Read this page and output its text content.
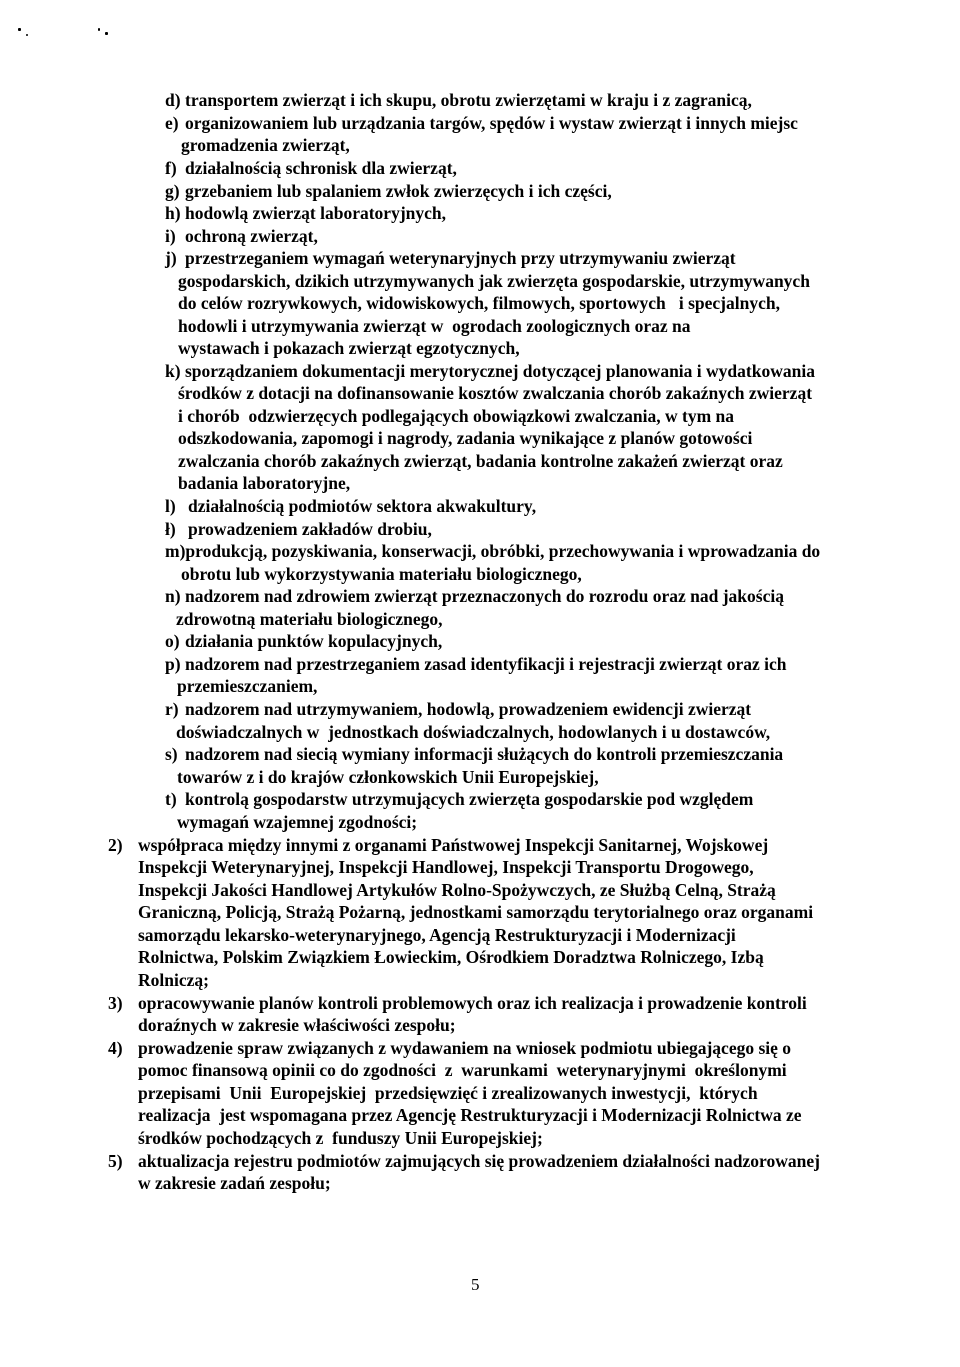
d) transportem zwierząt i ich skupu, obrotu zwierzętami w kraju i z zagranicą,
e) organizowaniem lub urządzania targów, spędów i wystaw zwierząt i innych miejsc
gromadzenia zwierząt,
f) działalnością schronisk dla zwierząt,
g) grzebaniem lub spalaniem zwłok zwierzęcych i ich części,
h) hodowlą zwierząt laboratoryjnych,
i) ochroną zwierząt,
j) przestrzeganiem wymagań weterynaryjnych przy utrzymywaniu zwierząt
gospodarskich, dzikich utrzymywanych jak zwierzęta gospodarskie, utrzymywanych
do celów rozrywkowych, widowiskowych, filmowych, sportowych   i specjalnych,
hodowli i utrzymywania zwierząt w  ogrodach zoologicznych oraz na
wystawach i pokazach zwierząt egzotycznych,
k) sporządzaniem dokumentacji merytorycznej dotyczącej planowania i wydatkowania
środków z dotacji na dofinansowanie kosztów zwalczania chorób zakaźnych zwierząt
i chorób  odzwierzęcych podlegających obowiązkowi zwalczania, w tym na
odszkodowania, zapomogi i nagrody, zadania wynikające z planów gotowości
zwalczania chorób zakaźnych zwierząt, badania kontrolne zakażeń zwierząt oraz
badania laboratoryjne,
l) działalnością podmiotów sektora akwakultury,
ł) prowadzeniem zakładów drobiu,
m)produkcją, pozyskiwania, konserwacji, obróbki, przechowywania i wprowadzania do
obrotu lub wykorzystywania materiału biologicznego,
n) nadzorem nad zdrowiem zwierząt przeznaczonych do rozrodu oraz nad jakością
zdrowotną materiału biologicznego,
o) działania punktów kopulacyjnych,
p) nadzorem nad przestrzeganiem zasad identyfikacji i rejestracji zwierząt oraz ich
przemieszczaniem,
r) nadzorem nad utrzymywaniem, hodowlą, prowadzeniem ewidencji zwierząt
doświadczalnych w  jednostkach doświadczalnych, hodowlanych i u dostawców,
s) nadzorem nad siecią wymiany informacji służących do kontroli przemieszczania
towarów z i do krajów członkowskich Unii Europejskiej,
t) kontrolą gospodarstw utrzymujących zwierzęta gospodarskie pod względem
wymagań wzajemnej zgodności;
2) współpraca między innymi z organami Państwowej Inspekcji Sanitarnej, Wojskowej
Inspekcji Weterynaryjnej, Inspekcji Handlowej, Inspekcji Transportu Drogowego,
Inspekcji Jakości Handlowej Artykułów Rolno-Spożywczych, ze Służbą Celną, Strażą
Graniczną, Policją, Strażą Pożarną, jednostkami samorządu terytorialnego oraz organami
samorządu lekarsko-weterynaryjnego, Agencją Restrukturyzacji i Modernizacji
Rolnictwa, Polskim Związkiem Łowieckim, Ośrodkiem Doradztwa Rolniczego, Izbą
Rolniczą;
3) opracowywanie planów kontroli problemowych oraz ich realizacja i prowadzenie kontroli
doraźnych w zakresie właściwości zespołu;
4) prowadzenie spraw związanych z wydawaniem na wniosek podmiotu ubiegającego się o
pomoc finansową opinii co do zgodności  z  warunkami  weterynaryjnymi  określonymi
przepisami  Unii  Europejskiej  przedsięwzięć i zrealizowanych inwestycji,  których
realizacja  jest wspomagana przez Agencję Restrukturyzacji i Modernizacji Rolnictwa ze
środków pochodzących z  funduszy Unii Europejskiej;
5) aktualizacja rejestru podmiotów zajmujących się prowadzeniem działalności nadzorowanej
w zakresie zadań zespołu;
5
